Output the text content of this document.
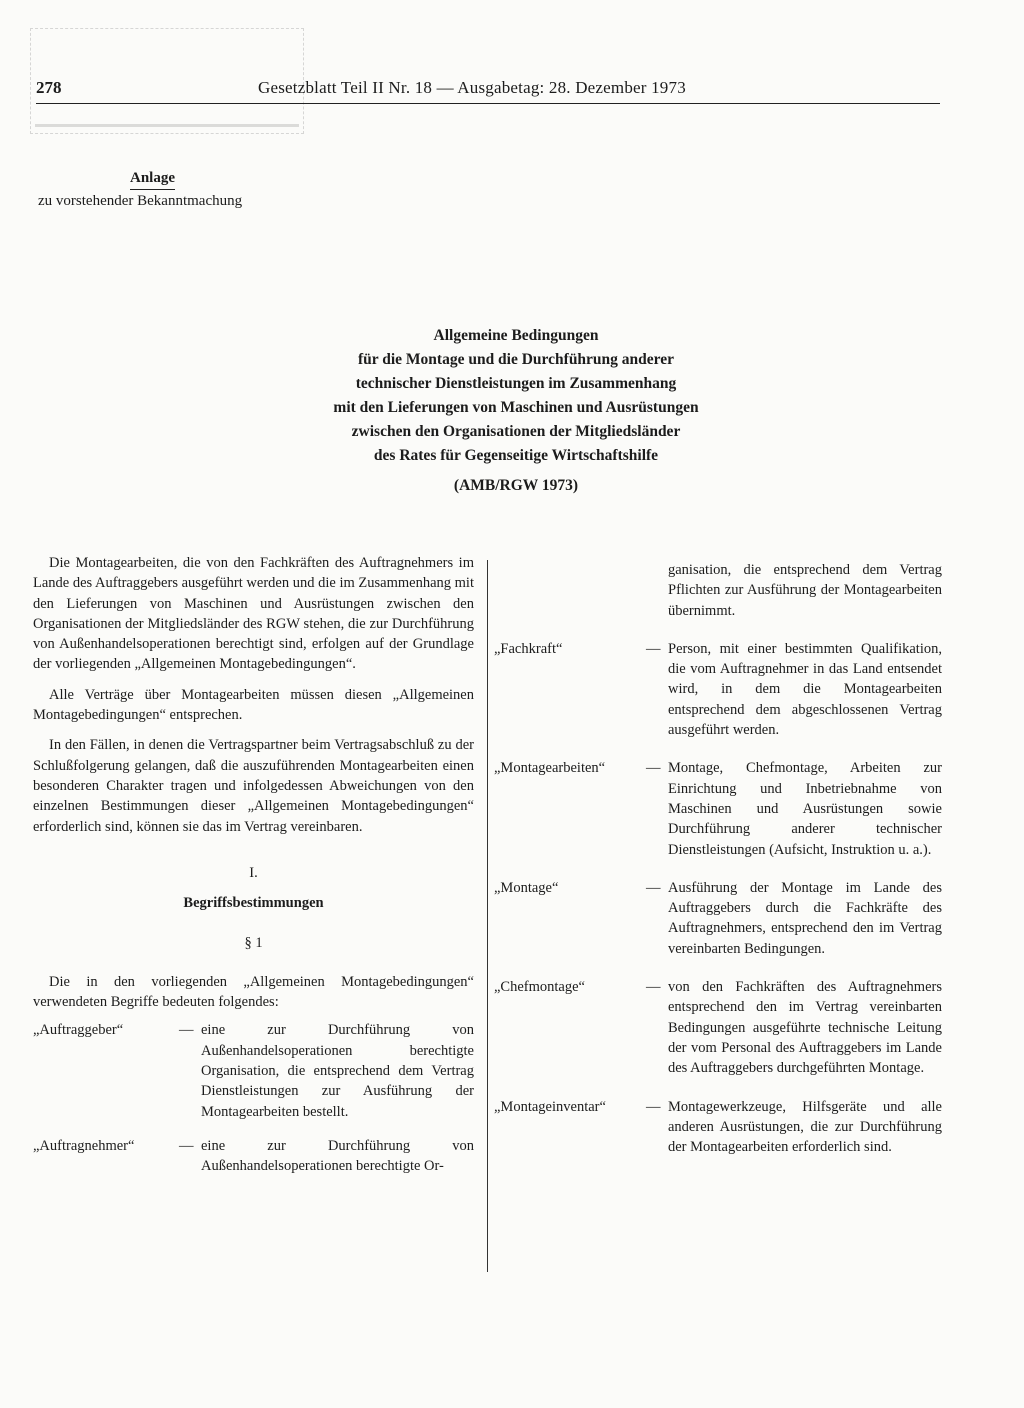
278	Gesetzblatt Teil II Nr. 18 — Ausgabetag: 28. Dezember 1973
Anlage
zu vorstehender Bekanntmachung
Allgemeine Bedingungen
für die Montage und die Durchführung anderer
technischer Dienstleistungen im Zusammenhang
mit den Lieferungen von Maschinen und Ausrüstungen
zwischen den Organisationen der Mitgliedsländer
des Rates für Gegenseitige Wirtschaftshilfe
(AMB/RGW 1973)

Die Montagearbeiten, die von den Fachkräften des Auftragnehmers im Lande des Auftraggebers ausgeführt werden und die im Zusammenhang mit den Lieferungen von Maschinen und Ausrüstungen zwischen den Organisationen der Mitgliedsländer des RGW stehen, die zur Durchführung von Außenhandelsoperationen berechtigt sind, erfolgen auf der Grundlage der vorliegenden „Allgemeinen Montagebedingungen“.

Alle Verträge über Montagearbeiten müssen diesen „Allgemeinen Montagebedingungen“ entsprechen.

In den Fällen, in denen die Vertragspartner beim Vertragsabschluß zu der Schlußfolgerung gelangen, daß die auszuführenden Montagearbeiten einen besonderen Charakter tragen und infolgedessen Abweichungen von den einzelnen Bestimmungen dieser „Allgemeinen Montagebedingungen“ erforderlich sind, können sie das im Vertrag vereinbaren.

I.

Begriffsbestimmungen

§ 1

Die in den vorliegenden „Allgemeinen Montagebedingungen“ verwendeten Begriffe bedeuten folgendes:

„Auftraggeber“	— eine zur Durchführung von Außenhandelsoperationen berechtigte Organisation, die entsprechend dem Vertrag Dienstleistungen zur Ausführung der Montagearbeiten bestellt.
„Auftragnehmer“	— eine zur Durchführung von Außenhandelsoperationen berechtigte Or-
ganisation, die entsprechend dem Vertrag Pflichten zur Ausführung der Montagearbeiten übernimmt.
„Fachkraft“	— Person, mit einer bestimmten Qualifikation, die vom Auftragnehmer in das Land entsendet wird, in dem die Montagearbeiten entsprechend dem abgeschlossenen Vertrag ausgeführt werden.
„Montagearbeiten“	— Montage, Chefmontage, Arbeiten zur Einrichtung und Inbetriebnahme von Maschinen und Ausrüstungen sowie Durchführung anderer technischer Dienstleistungen (Aufsicht, Instruktion u. a.).
„Montage“	— Ausführung der Montage im Lande des Auftraggebers durch die Fachkräfte des Auftragnehmers, entsprechend den im Vertrag vereinbarten Bedingungen.
„Chefmontage“	— von den Fachkräften des Auftragnehmers entsprechend den im Vertrag vereinbarten Bedingungen ausgeführte technische Leitung der vom Personal des Auftraggebers im Lande des Auftraggebers durchgeführten Montage.
„Montageinventar“	— Montagewerkzeuge, Hilfsgeräte und alle anderen Ausrüstungen, die zur Durchführung der Montagearbeiten erforderlich sind.
